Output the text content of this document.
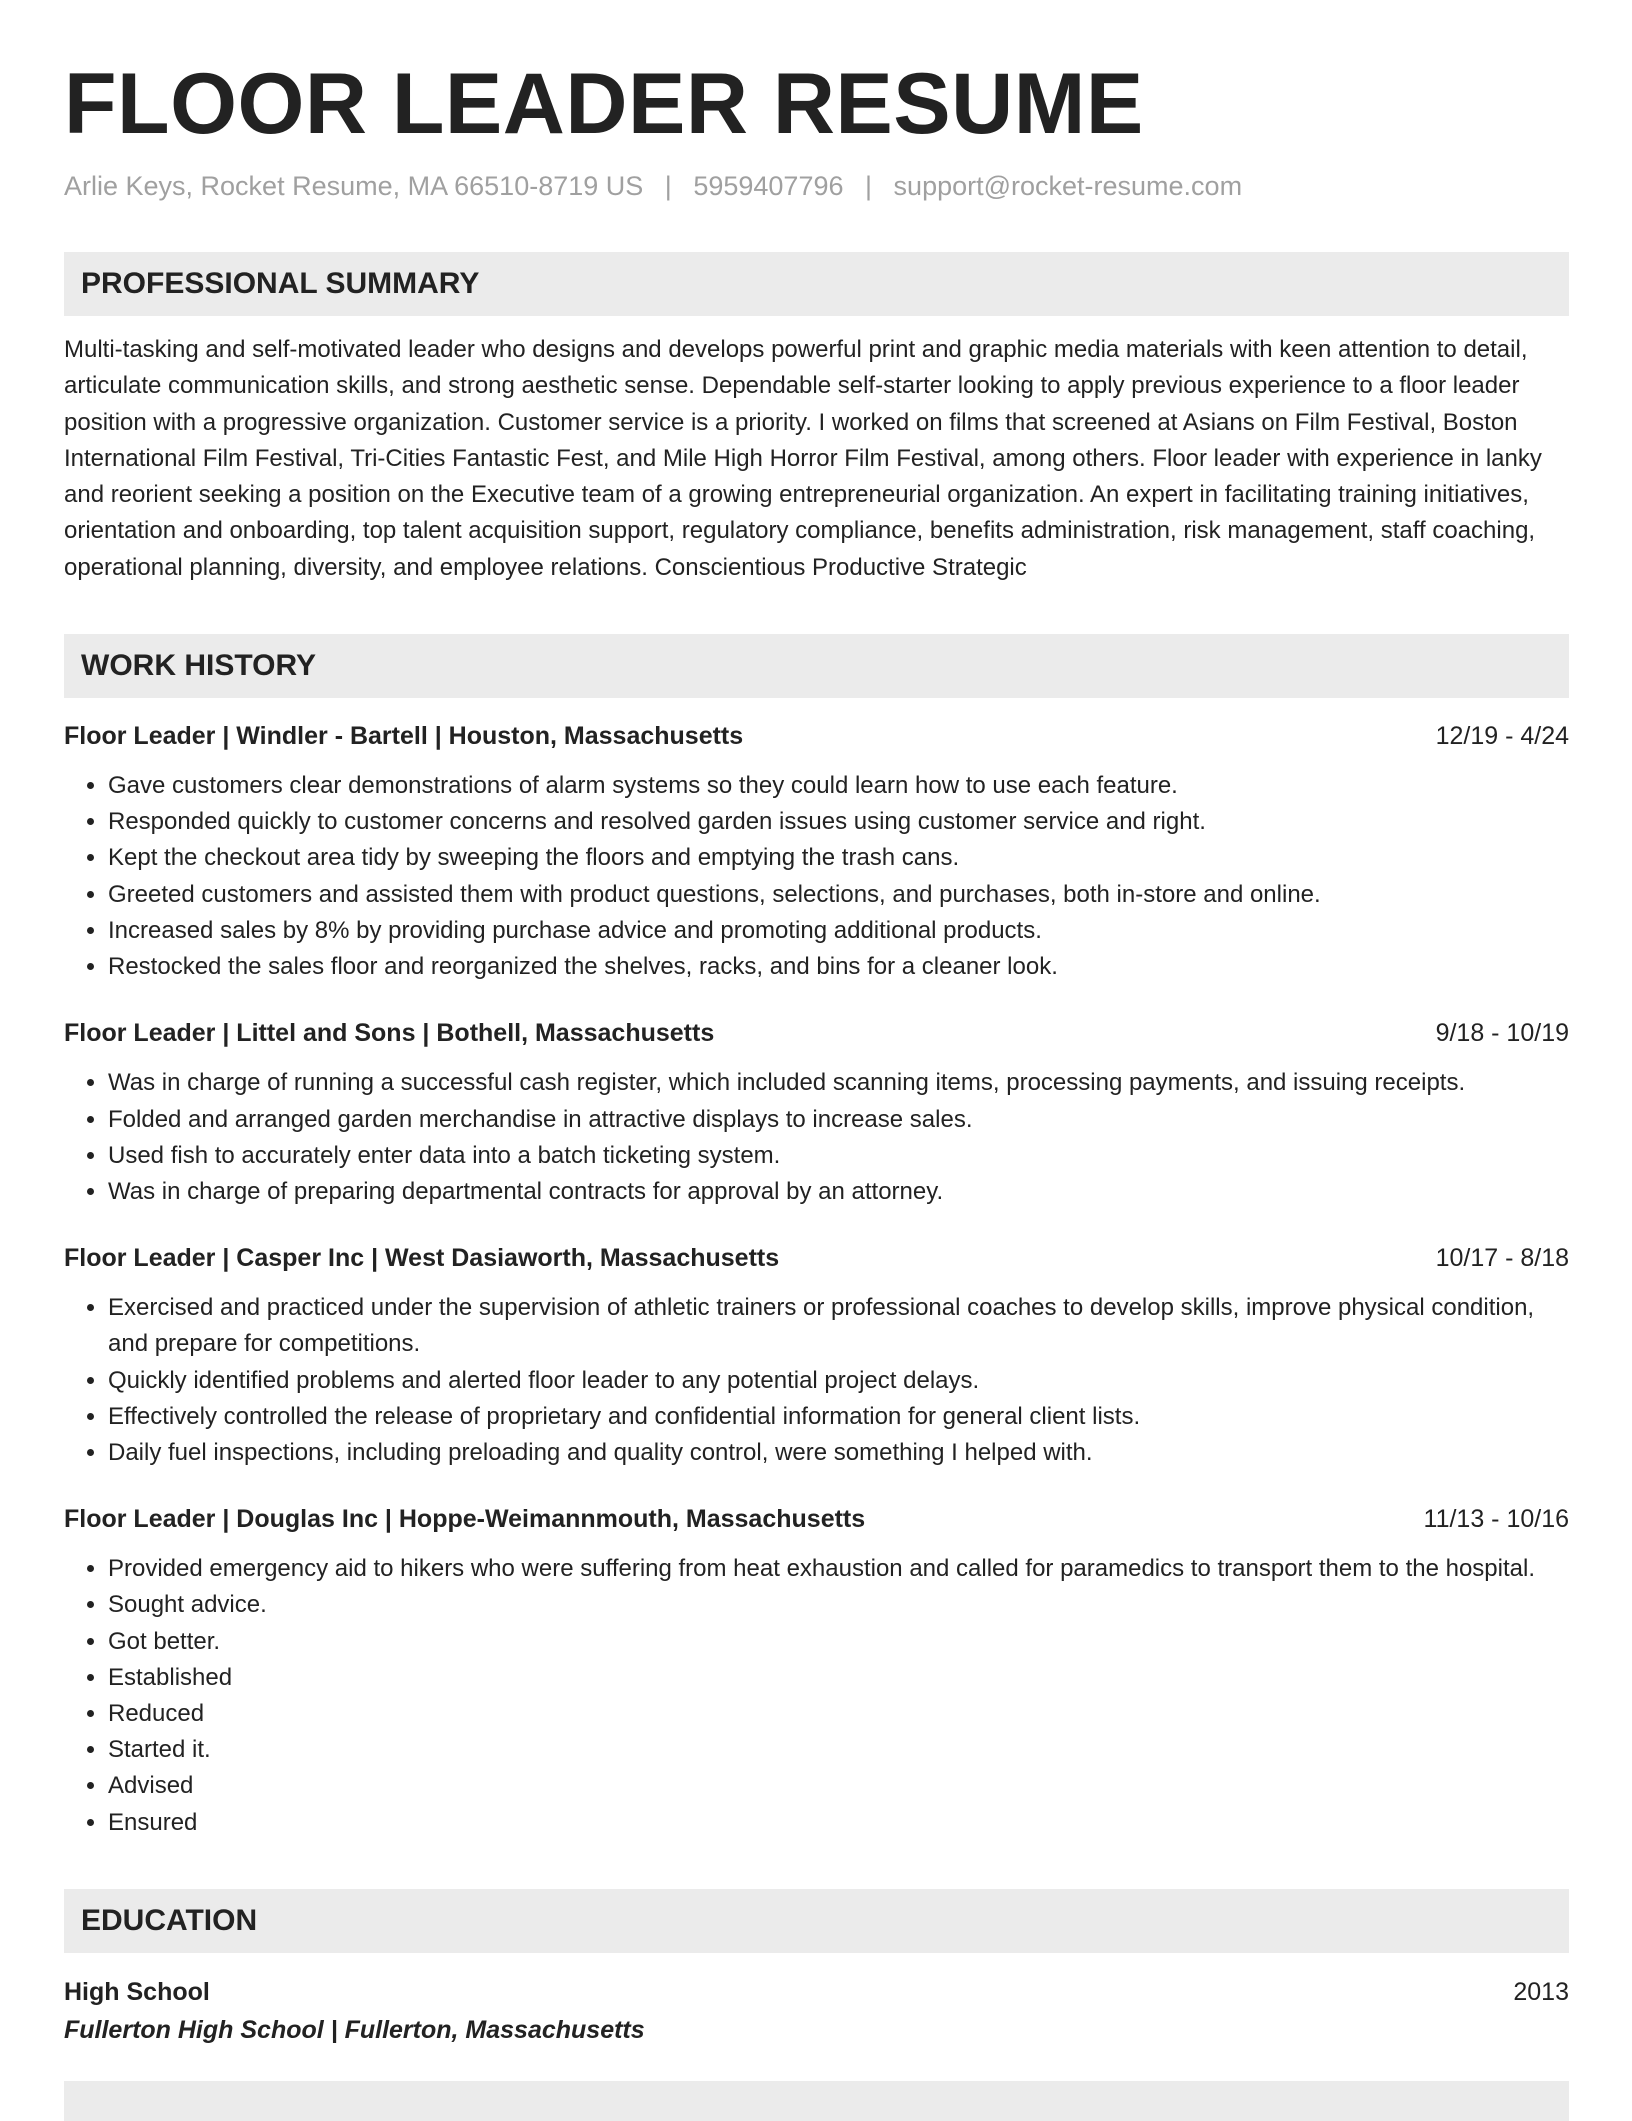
FLOOR LEADER RESUME
Arlie Keys, Rocket Resume, MA 66510-8719 US | 5959407796 | support@rocket-resume.com
PROFESSIONAL SUMMARY
Multi-tasking and self-motivated leader who designs and develops powerful print and graphic media materials with keen attention to detail, articulate communication skills, and strong aesthetic sense. Dependable self-starter looking to apply previous experience to a floor leader position with a progressive organization. Customer service is a priority. I worked on films that screened at Asians on Film Festival, Boston International Film Festival, Tri-Cities Fantastic Fest, and Mile High Horror Film Festival, among others. Floor leader with experience in lanky and reorient seeking a position on the Executive team of a growing entrepreneurial organization. An expert in facilitating training initiatives, orientation and onboarding, top talent acquisition support, regulatory compliance, benefits administration, risk management, staff coaching, operational planning, diversity, and employee relations. Conscientious Productive Strategic
WORK HISTORY
Floor Leader | Windler - Bartell | Houston, Massachusetts	12/19 - 4/24
• Gave customers clear demonstrations of alarm systems so they could learn how to use each feature.
• Responded quickly to customer concerns and resolved garden issues using customer service and right.
• Kept the checkout area tidy by sweeping the floors and emptying the trash cans.
• Greeted customers and assisted them with product questions, selections, and purchases, both in-store and online.
• Increased sales by 8% by providing purchase advice and promoting additional products.
• Restocked the sales floor and reorganized the shelves, racks, and bins for a cleaner look.
Floor Leader | Littel and Sons | Bothell, Massachusetts	9/18 - 10/19
• Was in charge of running a successful cash register, which included scanning items, processing payments, and issuing receipts.
• Folded and arranged garden merchandise in attractive displays to increase sales.
• Used fish to accurately enter data into a batch ticketing system.
• Was in charge of preparing departmental contracts for approval by an attorney.
Floor Leader | Casper Inc | West Dasiaworth, Massachusetts	10/17 - 8/18
• Exercised and practiced under the supervision of athletic trainers or professional coaches to develop skills, improve physical condition, and prepare for competitions.
• Quickly identified problems and alerted floor leader to any potential project delays.
• Effectively controlled the release of proprietary and confidential information for general client lists.
• Daily fuel inspections, including preloading and quality control, were something I helped with.
Floor Leader | Douglas Inc | Hoppe-Weimannmouth, Massachusetts	11/13 - 10/16
• Provided emergency aid to hikers who were suffering from heat exhaustion and called for paramedics to transport them to the hospital.
• Sought advice.
• Got better.
• Established
• Reduced
• Started it.
• Advised
• Ensured
EDUCATION
High School	2013
Fullerton High School | Fullerton, Massachusetts
